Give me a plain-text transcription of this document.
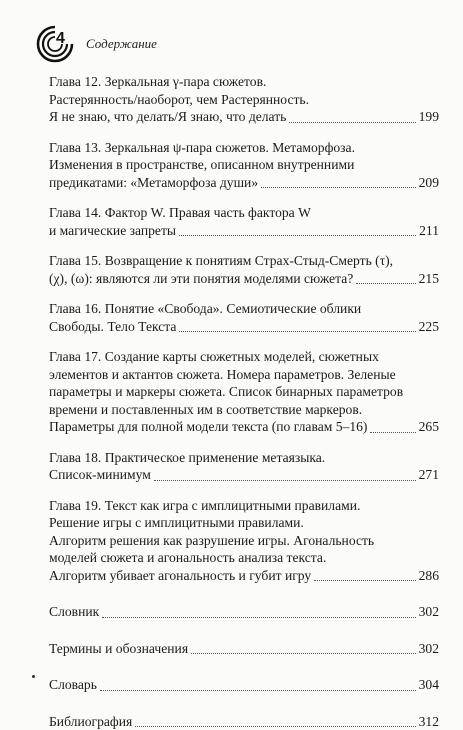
4 Содержание
Глава 12. Зеркальная γ-пара сюжетов.
Растерянность/наоборот, чем Растерянность.
Я не знаю, что делать/Я знаю, что делать	199
Глава 13. Зеркальная ψ-пара сюжетов. Метаморфоза.
Изменения в пространстве, описанном внутренними
предикатами: «Метаморфоза души»	209
Глава 14. Фактор W. Правая часть фактора W
и магические запреты	211
Глава 15. Возвращение к понятиям Страх-Стыд-Смерть (τ),
(χ), (ω): являются ли эти понятия моделями сюжета?	215
Глава 16. Понятие «Свобода». Семиотические облики
Свободы. Тело Текста	225
Глава 17. Создание карты сюжетных моделей, сюжетных
элементов и актантов сюжета. Номера параметров. Зеленые
параметры и маркеры сюжета. Список бинарных параметров
времени и поставленных им в соответствие маркеров.
Параметры для полной модели текста (по главам 5–16)	265
Глава 18. Практическое применение метаязыка.
Список-минимум	271
Глава 19. Текст как игра с имплицитными правилами.
Решение игры с имплицитными правилами.
Алгоритм решения как разрушение игры. Агональность
моделей сюжета и агональность анализа текста.
Алгоритм убивает агональность и губит игру	286
Словник	302
Термины и обозначения	302
Словарь	304
Библиография	312
